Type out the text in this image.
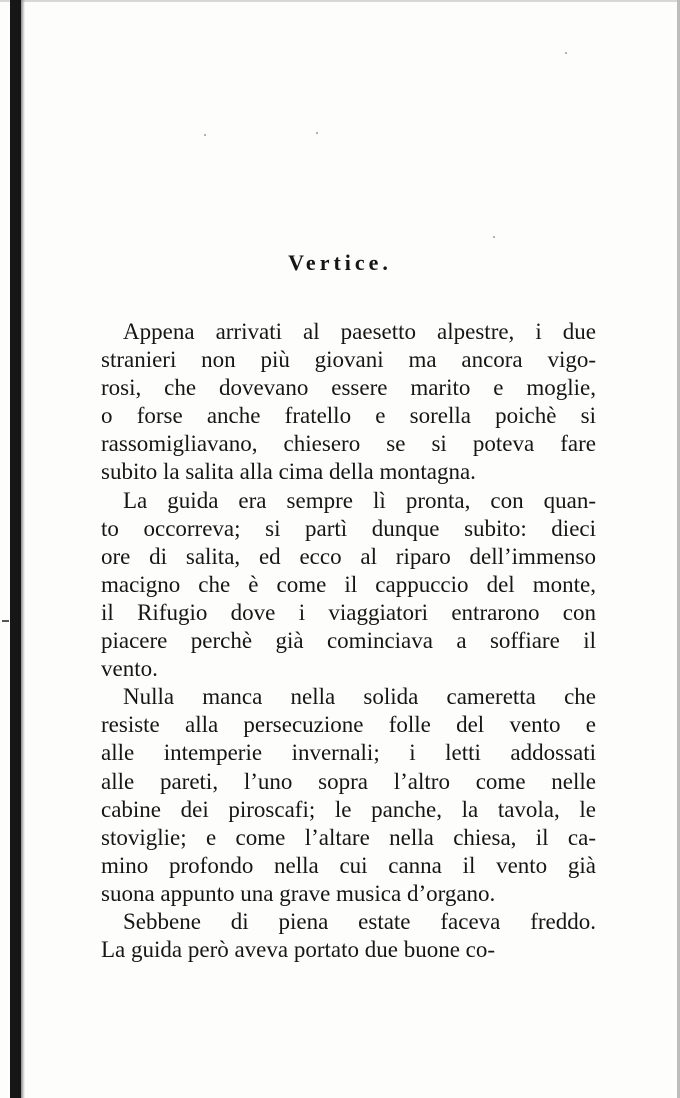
Vertice.
Appena arrivati al paesetto alpestre, i due
stranieri non più giovani ma ancora vigo-
rosi, che dovevano essere marito e moglie,
o forse anche fratello e sorella poichè si
rassomigliavano, chiesero se si poteva fare
subito la salita alla cima della montagna.
La guida era sempre lì pronta, con quan-
to occorreva; si partì dunque subito: dieci
ore di salita, ed ecco al riparo dell’immenso
macigno che è come il cappuccio del monte,
il Rifugio dove i viaggiatori entrarono con
piacere perchè già cominciava a soffiare il
vento.
Nulla manca nella solida cameretta che
resiste alla persecuzione folle del vento e
alle intemperie invernali; i letti addossati
alle pareti, l’uno sopra l’altro come nelle
cabine dei piroscafi; le panche, la tavola, le
stoviglie; e come l’altare nella chiesa, il ca-
mino profondo nella cui canna il vento già
suona appunto una grave musica d’organo.
Sebbene di piena estate faceva freddo.
La guida però aveva portato due buone co-
